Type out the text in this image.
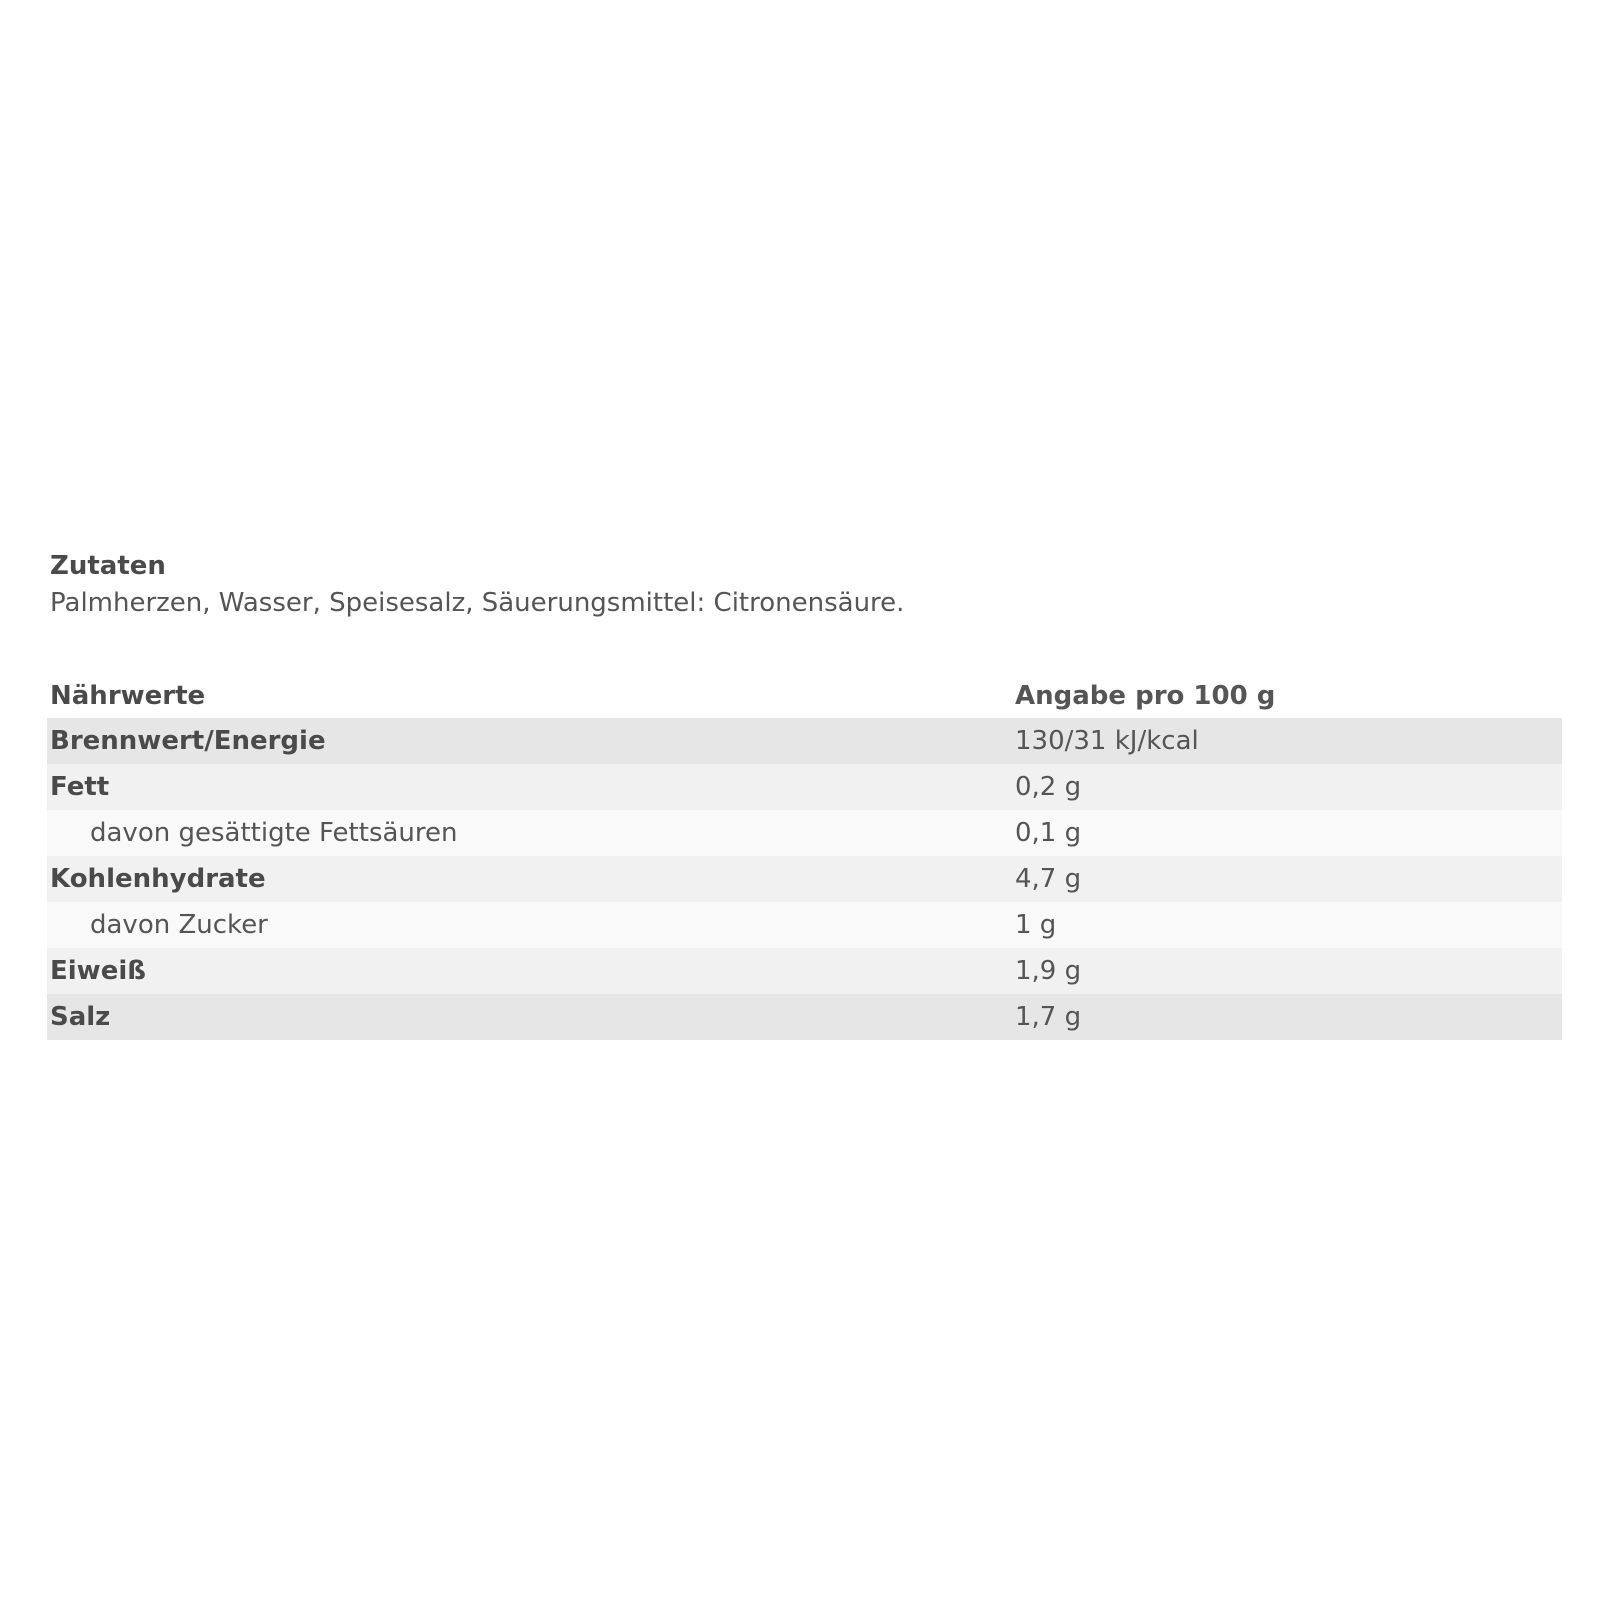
Zutaten
Palmherzen, Wasser, Speisesalz, Säuerungsmittel: Citronensäure.
Nährwerte	Angabe pro 100 g
Brennwert/Energie	130/31 kJ/kcal
Fett	0,2 g
davon gesättigte Fettsäuren	0,1 g
Kohlenhydrate	4,7 g
davon Zucker	1 g
Eiweiß	1,9 g
Salz	1,7 g
